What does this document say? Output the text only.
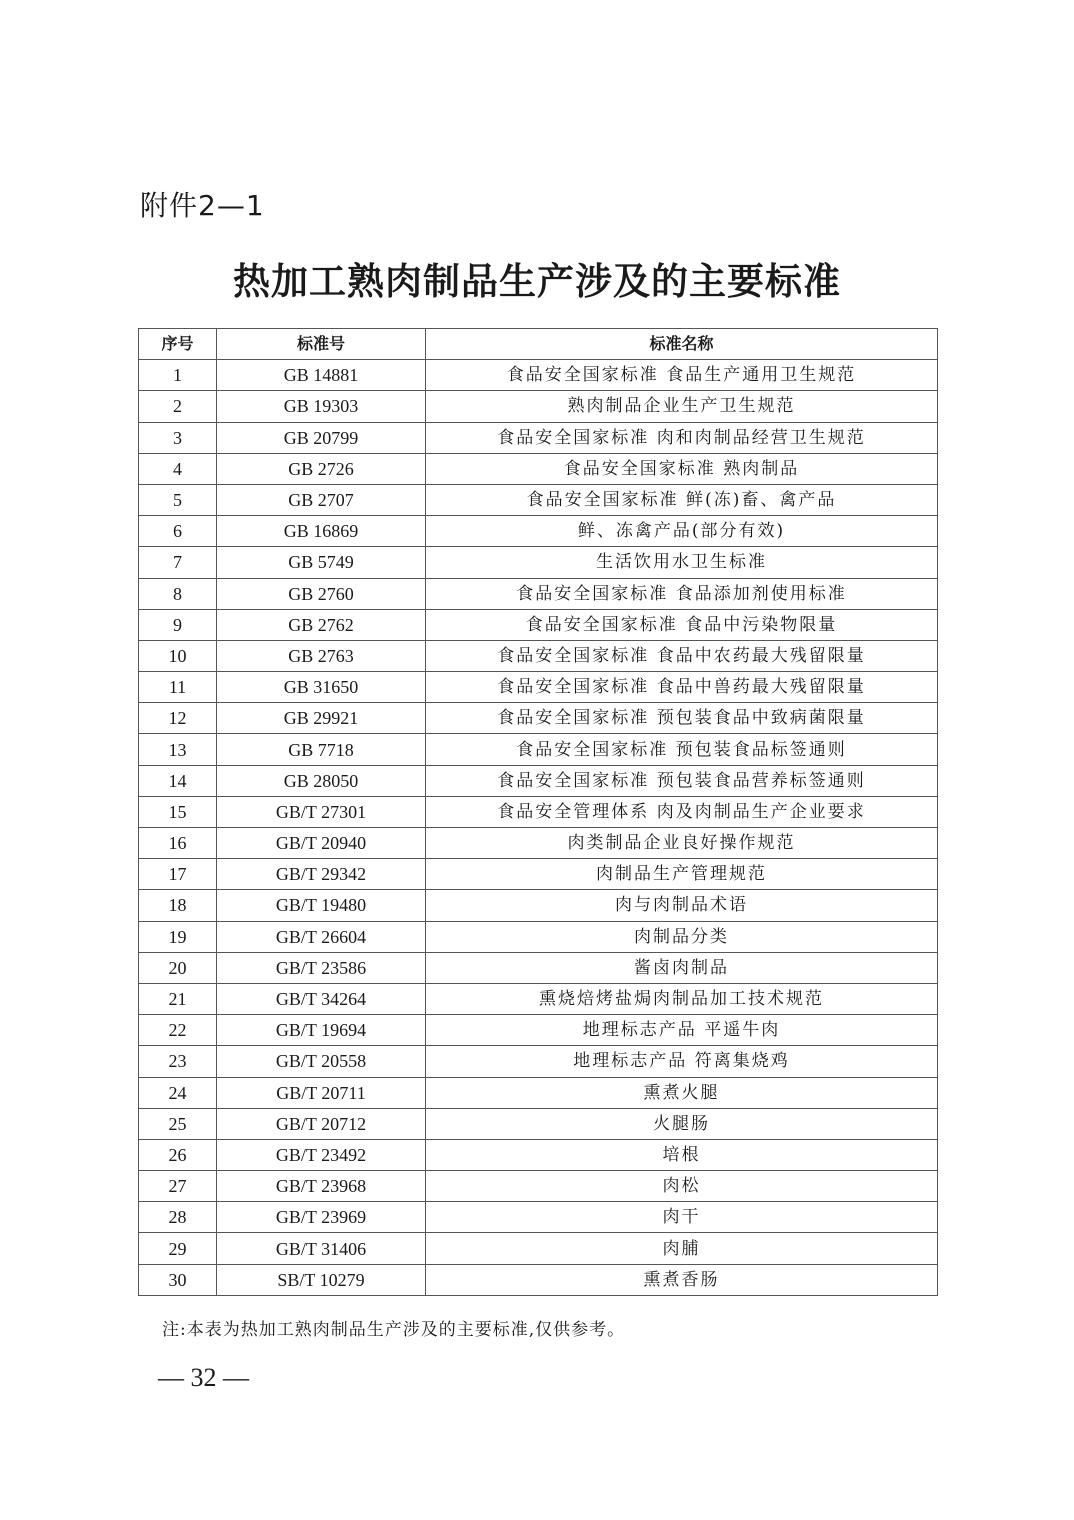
附件2—1
热加工熟肉制品生产涉及的主要标准
序号	标准号	标准名称
1	GB 14881	食品安全国家标准 食品生产通用卫生规范
2	GB 19303	熟肉制品企业生产卫生规范
3	GB 20799	食品安全国家标准 肉和肉制品经营卫生规范
4	GB 2726	食品安全国家标准 熟肉制品
5	GB 2707	食品安全国家标准 鲜(冻)畜、禽产品
6	GB 16869	鲜、冻禽产品(部分有效)
7	GB 5749	生活饮用水卫生标准
8	GB 2760	食品安全国家标准 食品添加剂使用标准
9	GB 2762	食品安全国家标准 食品中污染物限量
10	GB 2763	食品安全国家标准 食品中农药最大残留限量
11	GB 31650	食品安全国家标准 食品中兽药最大残留限量
12	GB 29921	食品安全国家标准 预包装食品中致病菌限量
13	GB 7718	食品安全国家标准 预包装食品标签通则
14	GB 28050	食品安全国家标准 预包装食品营养标签通则
15	GB/T 27301	食品安全管理体系 肉及肉制品生产企业要求
16	GB/T 20940	肉类制品企业良好操作规范
17	GB/T 29342	肉制品生产管理规范
18	GB/T 19480	肉与肉制品术语
19	GB/T 26604	肉制品分类
20	GB/T 23586	酱卤肉制品
21	GB/T 34264	熏烧焙烤盐焗肉制品加工技术规范
22	GB/T 19694	地理标志产品 平遥牛肉
23	GB/T 20558	地理标志产品 符离集烧鸡
24	GB/T 20711	熏煮火腿
25	GB/T 20712	火腿肠
26	GB/T 23492	培根
27	GB/T 23968	肉松
28	GB/T 23969	肉干
29	GB/T 31406	肉脯
30	SB/T 10279	熏煮香肠
注:本表为热加工熟肉制品生产涉及的主要标准,仅供参考。
— 32 —
